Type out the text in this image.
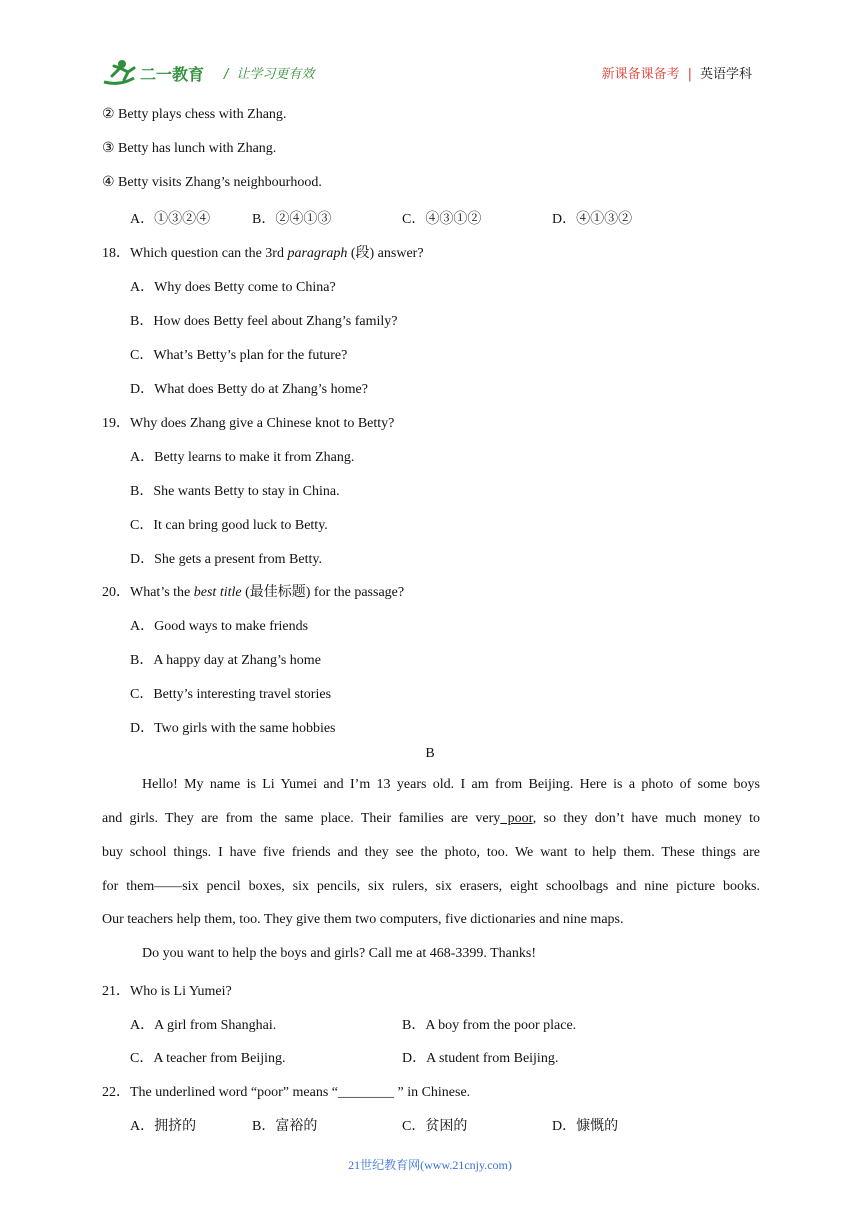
二一教育 / 让学习更有效	新课备课备考 | 英语学科
② Betty plays chess with Zhang.
③ Betty has lunch with Zhang.
④ Betty visits Zhang’s neighbourhood.
A．①③②④	B．②④①③	C．④③①②	D．④①③②
18．Which question can the 3rd paragraph (段) answer?
A．Why does Betty come to China?
B．How does Betty feel about Zhang’s family?
C．What’s Betty’s plan for the future?
D．What does Betty do at Zhang’s home?
19．Why does Zhang give a Chinese knot to Betty?
A．Betty learns to make it from Zhang.
B．She wants Betty to stay in China.
C．It can bring good luck to Betty.
D．She gets a present from Betty.
20．What’s the best title (最佳标题) for the passage?
A．Good ways to make friends
B．A happy day at Zhang’s home
C．Betty’s interesting travel stories
D．Two girls with the same hobbies
B
Hello! My name is Li Yumei and I’m 13 years old. I am from Beijing. Here is a photo of some boys
and girls. They are from the same place. Their families are very poor, so they don’t have much money to
buy school things. I have five friends and they see the photo, too. We want to help them. These things are
for them——six pencil boxes, six pencils, six rulers, six erasers, eight schoolbags and nine picture books.
Our teachers help them, too. They give them two computers, five dictionaries and nine maps.
Do you want to help the boys and girls? Call me at 468-3399. Thanks!
21．Who is Li Yumei?
A．A girl from Shanghai.	B．A boy from the poor place.
C．A teacher from Beijing.	D．A student from Beijing.
22．The underlined word “poor” means “________ ” in Chinese.
A．拥挤的	B．富裕的	C．贫困的	D．慷慨的
21世纪教育网(www.21cnjy.com)
